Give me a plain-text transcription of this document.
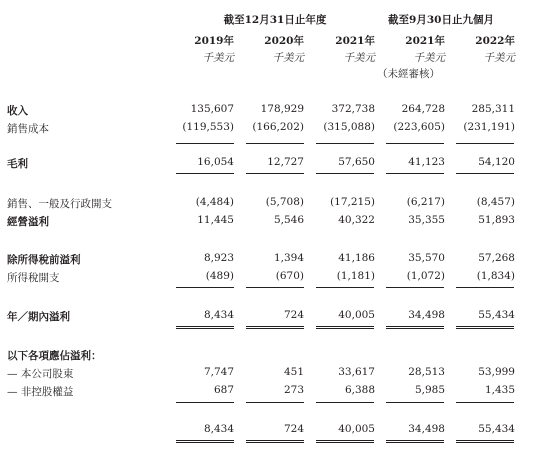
截至12月31日止年度	截至9月30日止九個月
2019年	2020年	2021年	2021年	2022年
千美元	千美元	千美元	千美元	千美元
（未經審核）
收入	135,607	178,929	372,738	264,728	285,311
銷售成本	(119,553)	(166,202)	(315,088)	(223,605)	(231,191)
毛利	16,054	12,727	57,650	41,123	54,120
銷售、一般及行政開支	(4,484)	(5,708)	(17,215)	(6,217)	(8,457)
經營溢利	11,445	5,546	40,322	35,355	51,893
除所得稅前溢利	8,923	1,394	41,186	35,570	57,268
所得稅開支	(489)	(670)	(1,181)	(1,072)	(1,834)
年／期內溢利	8,434	724	40,005	34,498	55,434
以下各項應佔溢利：
— 本公司股東	7,747	451	33,617	28,513	53,999
— 非控股權益	687	273	6,388	5,985	1,435
8,434	724	40,005	34,498	55,434
